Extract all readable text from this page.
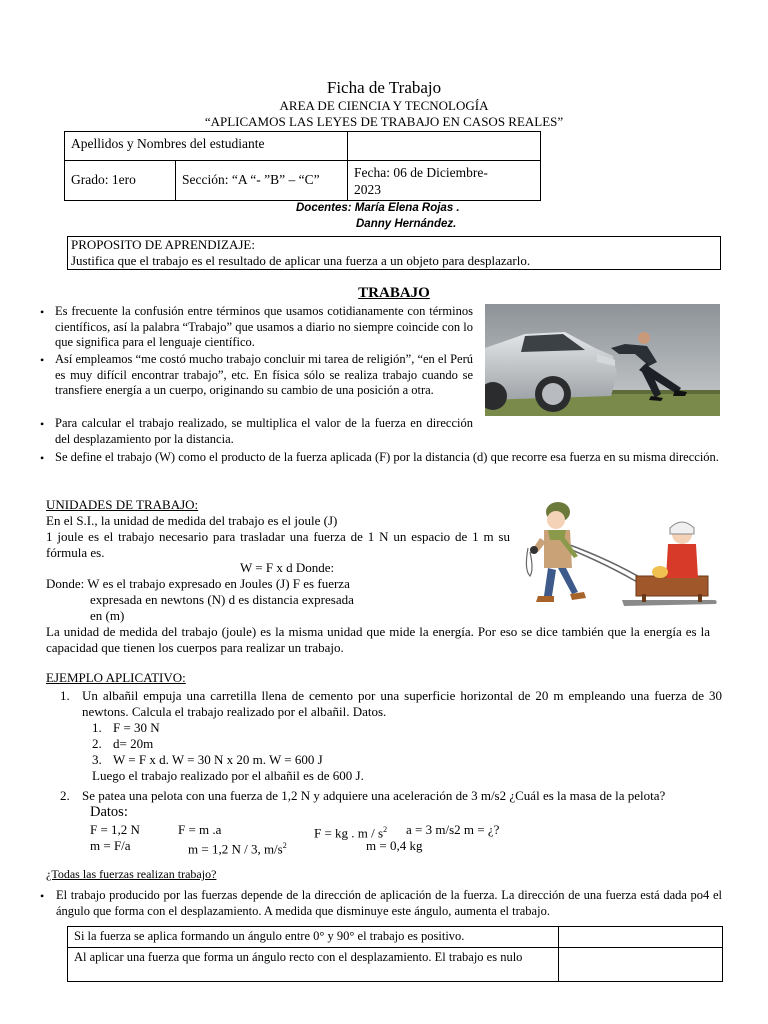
Ficha de Trabajo
AREA DE CIENCIA Y TECNOLOGÍA
“APLICAMOS LAS LEYES DE TRABAJO EN CASOS REALES”
Apellidos y Nombres del estudiante
Grado: 1ero	Sección: “A “- ”B” – “C”	Fecha: 06 de Diciembre-
2023
Docentes: María Elena Rojas .
Danny Hernández.
PROPOSITO DE APRENDIZAJE:
Justifica que el trabajo es el resultado de aplicar una fuerza a un objeto para desplazarlo.
TRABAJO
• Es frecuente la confusión entre términos que usamos cotidianamente con términos científicos, así la palabra “Trabajo” que usamos a diario no siempre coincide con lo que significa para el lenguaje científico.
• Así empleamos “me costó mucho trabajo concluir mi tarea de religión”, “en el Perú es muy difícil encontrar trabajo”, etc. En física sólo se realiza trabajo cuando se transfiere energía a un cuerpo, originando su cambio de una posición a otra.
• Para calcular el trabajo realizado, se multiplica el valor de la fuerza en dirección del desplazamiento por la distancia.
• Se define el trabajo (W) como el producto de la fuerza aplicada (F) por la distancia (d) que recorre esa fuerza en su misma dirección.
UNIDADES DE TRABAJO:
En el S.I., la unidad de medida del trabajo es el joule (J)
1 joule es el trabajo necesario para trasladar una fuerza de 1 N un espacio de 1 m su fórmula es.
W = F x d Donde:
Donde: W es el trabajo expresado en Joules (J) F es fuerza
expresada en newtons (N) d es distancia expresada
en (m)
La unidad de medida del trabajo (joule) es la misma unidad que mide la energía. Por eso se dice también que la energía es la capacidad que tienen los cuerpos para realizar un trabajo.
EJEMPLO APLICATIVO:
1. Un albañil empuja una carretilla llena de cemento por una superficie horizontal de 20 m empleando una fuerza de 30 newtons. Calcula el trabajo realizado por el albañil. Datos.
1. F = 30 N
2. d= 20m
3. W = F x d. W = 30 N x 20 m. W = 600 J
Luego el trabajo realizado por el albañil es de 600 J.
2. Se patea una pelota con una fuerza de 1,2 N y adquiere una aceleración de 3 m/s2 ¿Cuál es la masa de la pelota?
Datos:
F = 1,2 N	F = m .a	F = kg . m / $s^2$ a = 3 m/s2 m = ¿?
m = F/a	m = 1,2 N / 3, $m/s^2$	m = 0,4 kg
¿Todas las fuerzas realizan trabajo?
• El trabajo producido por las fuerzas depende de la dirección de aplicación de la fuerza. La dirección de una fuerza está dada po4 el ángulo que forma con el desplazamiento. A medida que disminuye este ángulo, aumenta el trabajo.
Si la fuerza se aplica formando un ángulo entre 0° y 90° el trabajo es positivo.
Al aplicar una fuerza que forma un ángulo recto con el desplazamiento. El trabajo es nulo
